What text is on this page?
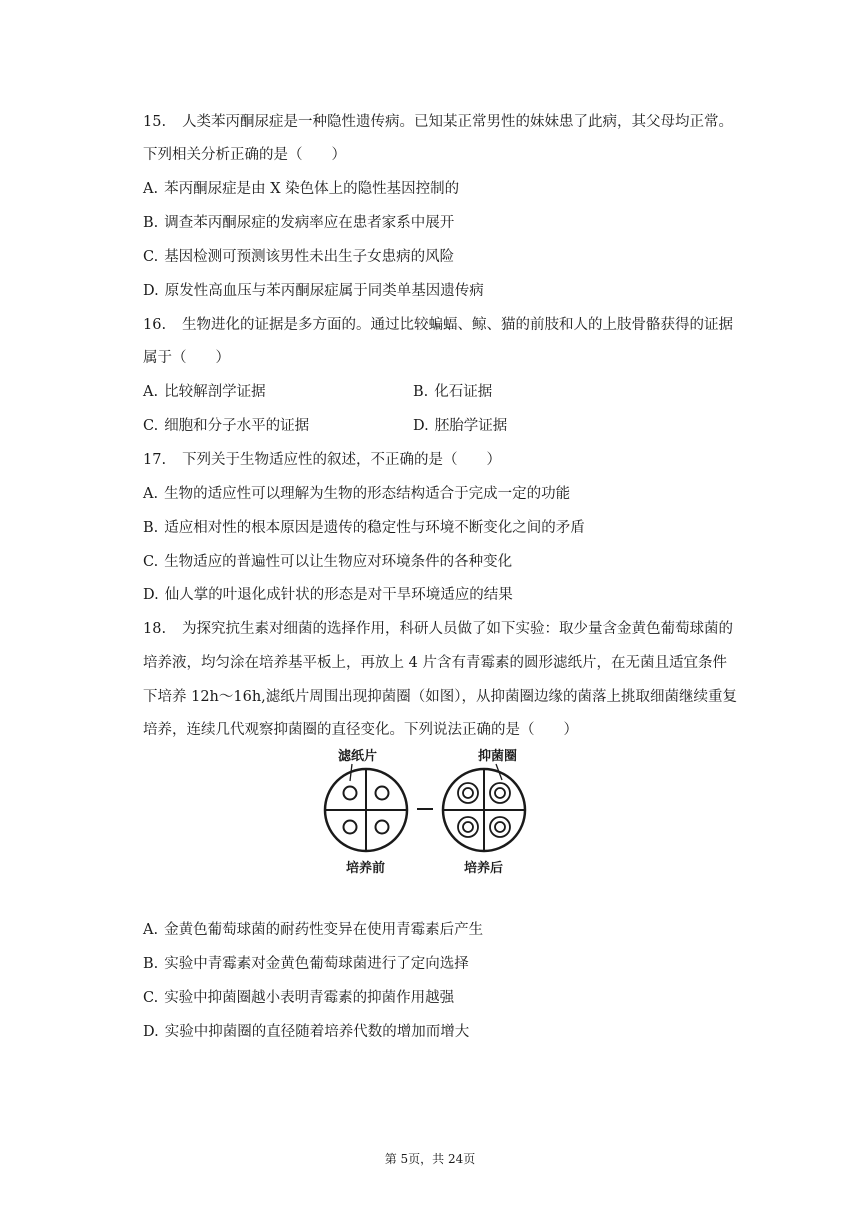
15. 人类苯丙酮尿症是一种隐性遗传病。已知某正常男性的妹妹患了此病，其父母均正常。
下列相关分析正确的是（　　）
A. 苯丙酮尿症是由 X 染色体上的隐性基因控制的
B. 调查苯丙酮尿症的发病率应在患者家系中展开
C. 基因检测可预测该男性未出生子女患病的风险
D. 原发性高血压与苯丙酮尿症属于同类单基因遗传病
16. 生物进化的证据是多方面的。通过比较蝙蝠、鲸、猫的前肢和人的上肢骨骼获得的证据
属于（　　）
A. 比较解剖学证据	B. 化石证据
C. 细胞和分子水平的证据	D. 胚胎学证据
17. 下列关于生物适应性的叙述，不正确的是（　　）
A. 生物的适应性可以理解为生物的形态结构适合于完成一定的功能
B. 适应相对性的根本原因是遗传的稳定性与环境不断变化之间的矛盾
C. 生物适应的普遍性可以让生物应对环境条件的各种变化
D. 仙人掌的叶退化成针状的形态是对干旱环境适应的结果
18. 为探究抗生素对细菌的选择作用，科研人员做了如下实验：取少量含金黄色葡萄球菌的
培养液，均匀涂在培养基平板上，再放上 4 片含有青霉素的圆形滤纸片，在无菌且适宜条件
下培养 12h～16h,滤纸片周围出现抑菌圈（如图），从抑菌圈边缘的菌落上挑取细菌继续重复
培养，连续几代观察抑菌圈的直径变化。下列说法正确的是（　　）
滤纸片	抑菌圈
培养前	培养后
A. 金黄色葡萄球菌的耐药性变异在使用青霉素后产生
B. 实验中青霉素对金黄色葡萄球菌进行了定向选择
C. 实验中抑菌圈越小表明青霉素的抑菌作用越强
D. 实验中抑菌圈的直径随着培养代数的增加而增大
第 5页，共 24页
